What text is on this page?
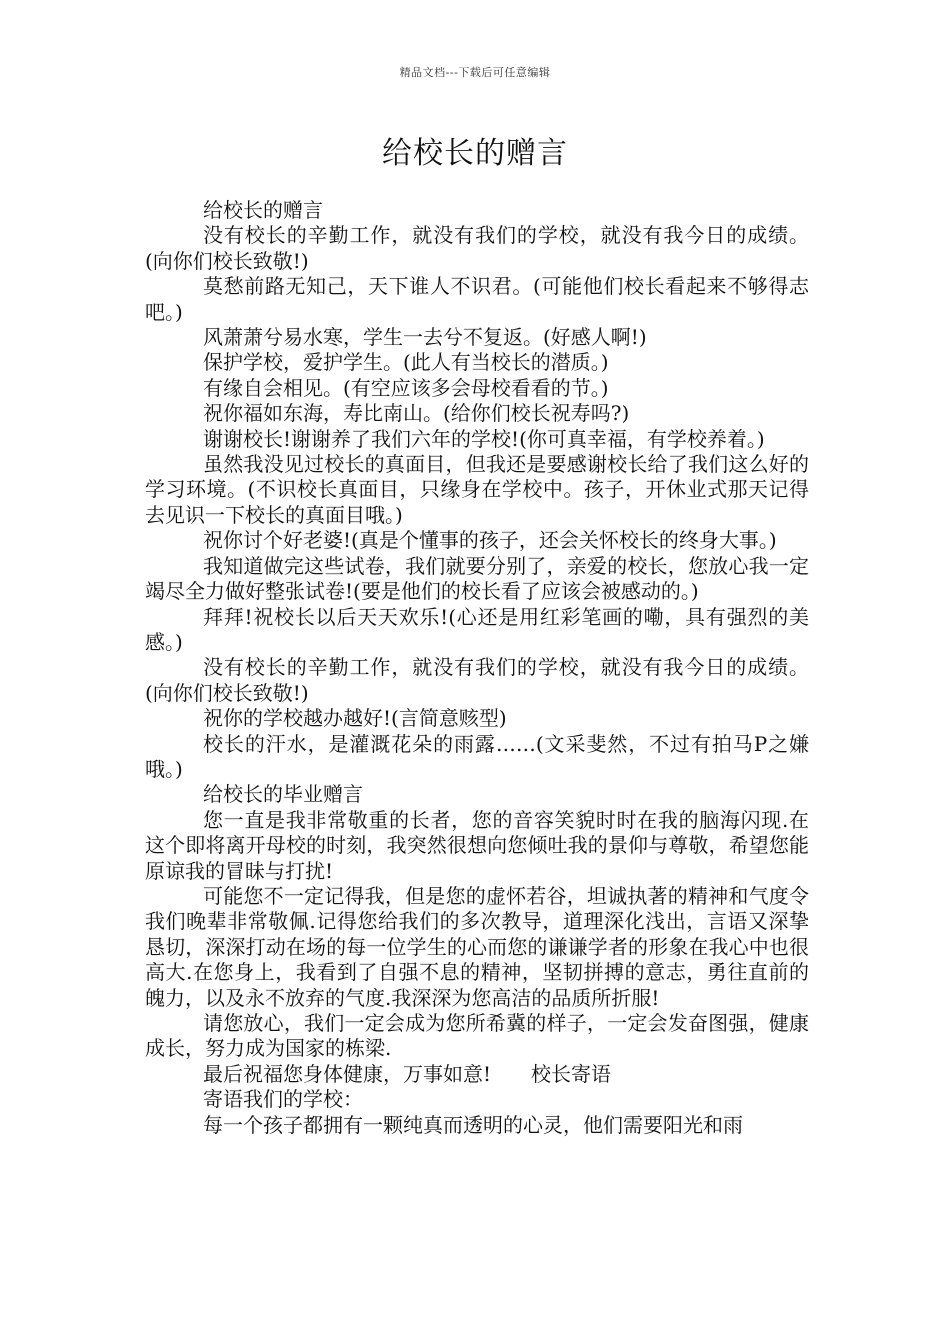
精品文档---下载后可任意编辑
给校长的赠言

给校长的赠言

没有校长的辛勤工作，就没有我们的学校，就没有我今日的成绩。(向你们校长致敬!)

莫愁前路无知己，天下谁人不识君。(可能他们校长看起来不够得志吧。)

风萧萧兮易水寒，学生一去兮不复返。(好感人啊!)

保护学校，爱护学生。(此人有当校长的潜质。)

有缘自会相见。(有空应该多会母校看看的节。)

祝你福如东海，寿比南山。(给你们校长祝寿吗?)

谢谢校长!谢谢养了我们六年的学校!(你可真幸福，有学校养着。)

虽然我没见过校长的真面目，但我还是要感谢校长给了我们这么好的学习环境。(不识校长真面目，只缘身在学校中。孩子，开休业式那天记得去见识一下校长的真面目哦。)

祝你讨个好老婆!(真是个懂事的孩子，还会关怀校长的终身大事。)

我知道做完这些试卷，我们就要分别了，亲爱的校长，您放心我一定竭尽全力做好整张试卷!(要是他们的校长看了应该会被感动的。)

拜拜!祝校长以后天天欢乐!(心还是用红彩笔画的嘞，具有强烈的美感。)

没有校长的辛勤工作，就没有我们的学校，就没有我今日的成绩。(向你们校长致敬!)

祝你的学校越办越好!(言简意赅型)

校长的汗水，是灌溉花朵的雨露……(文采斐然，不过有拍马P之嫌哦。)

给校长的毕业赠言

您一直是我非常敬重的长者，您的音容笑貌时时在我的脑海闪现.在这个即将离开母校的时刻，我突然很想向您倾吐我的景仰与尊敬，希望您能原谅我的冒昧与打扰!

可能您不一定记得我，但是您的虚怀若谷，坦诚执著的精神和气度令我们晚辈非常敬佩.记得您给我们的多次教导，道理深化浅出，言语又深挚恳切，深深打动在场的每一位学生的心而您的谦谦学者的形象在我心中也很高大.在您身上，我看到了自强不息的精神，坚韧拼搏的意志，勇往直前的魄力，以及永不放弃的气度.我深深为您高洁的品质所折服!

请您放心，我们一定会成为您所希冀的样子，一定会发奋图强，健康成长，努力成为国家的栋梁.

最后祝福您身体健康，万事如意!　　校长寄语

寄语我们的学校：

每一个孩子都拥有一颗纯真而透明的心灵，他们需要阳光和雨
